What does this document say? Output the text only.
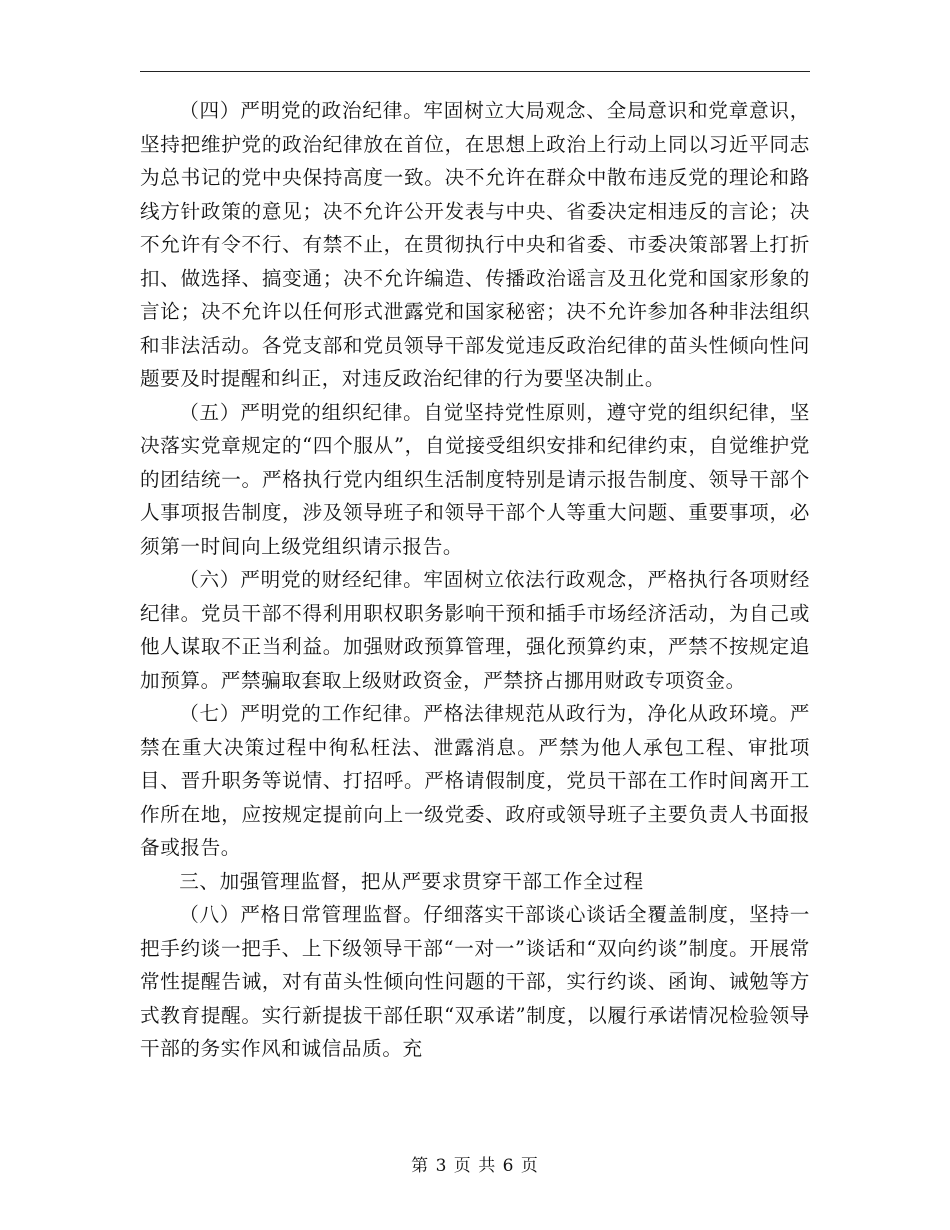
（四）严明党的政治纪律。牢固树立大局观念、全局意识和党章意识，坚持把维护党的政治纪律放在首位，在思想上政治上行动上同以习近平同志为总书记的党中央保持高度一致。决不允许在群众中散布违反党的理论和路线方针政策的意见；决不允许公开发表与中央、省委决定相违反的言论；决不允许有令不行、有禁不止，在贯彻执行中央和省委、市委决策部署上打折扣、做选择、搞变通；决不允许编造、传播政治谣言及丑化党和国家形象的言论；决不允许以任何形式泄露党和国家秘密；决不允许参加各种非法组织和非法活动。各党支部和党员领导干部发觉违反政治纪律的苗头性倾向性问题要及时提醒和纠正，对违反政治纪律的行为要坚决制止。

（五）严明党的组织纪律。自觉坚持党性原则，遵守党的组织纪律，坚决落实党章规定的“四个服从”，自觉接受组织安排和纪律约束，自觉维护党的团结统一。严格执行党内组织生活制度特别是请示报告制度、领导干部个人事项报告制度，涉及领导班子和领导干部个人等重大问题、重要事项，必须第一时间向上级党组织请示报告。

（六）严明党的财经纪律。牢固树立依法行政观念，严格执行各项财经纪律。党员干部不得利用职权职务影响干预和插手市场经济活动，为自己或他人谋取不正当利益。加强财政预算管理，强化预算约束，严禁不按规定追加预算。严禁骗取套取上级财政资金，严禁挤占挪用财政专项资金。

（七）严明党的工作纪律。严格法律规范从政行为，净化从政环境。严禁在重大决策过程中徇私枉法、泄露消息。严禁为他人承包工程、审批项目、晋升职务等说情、打招呼。严格请假制度，党员干部在工作时间离开工作所在地，应按规定提前向上一级党委、政府或领导班子主要负责人书面报备或报告。

三、加强管理监督，把从严要求贯穿干部工作全过程

（八）严格日常管理监督。仔细落实干部谈心谈话全覆盖制度，坚持一把手约谈一把手、上下级领导干部“一对一”谈话和“双向约谈”制度。开展常常性提醒告诫，对有苗头性倾向性问题的干部，实行约谈、函询、诫勉等方式教育提醒。实行新提拔干部任职“双承诺”制度，以履行承诺情况检验领导干部的务实作风和诚信品质。充

第 3 页 共 6 页
